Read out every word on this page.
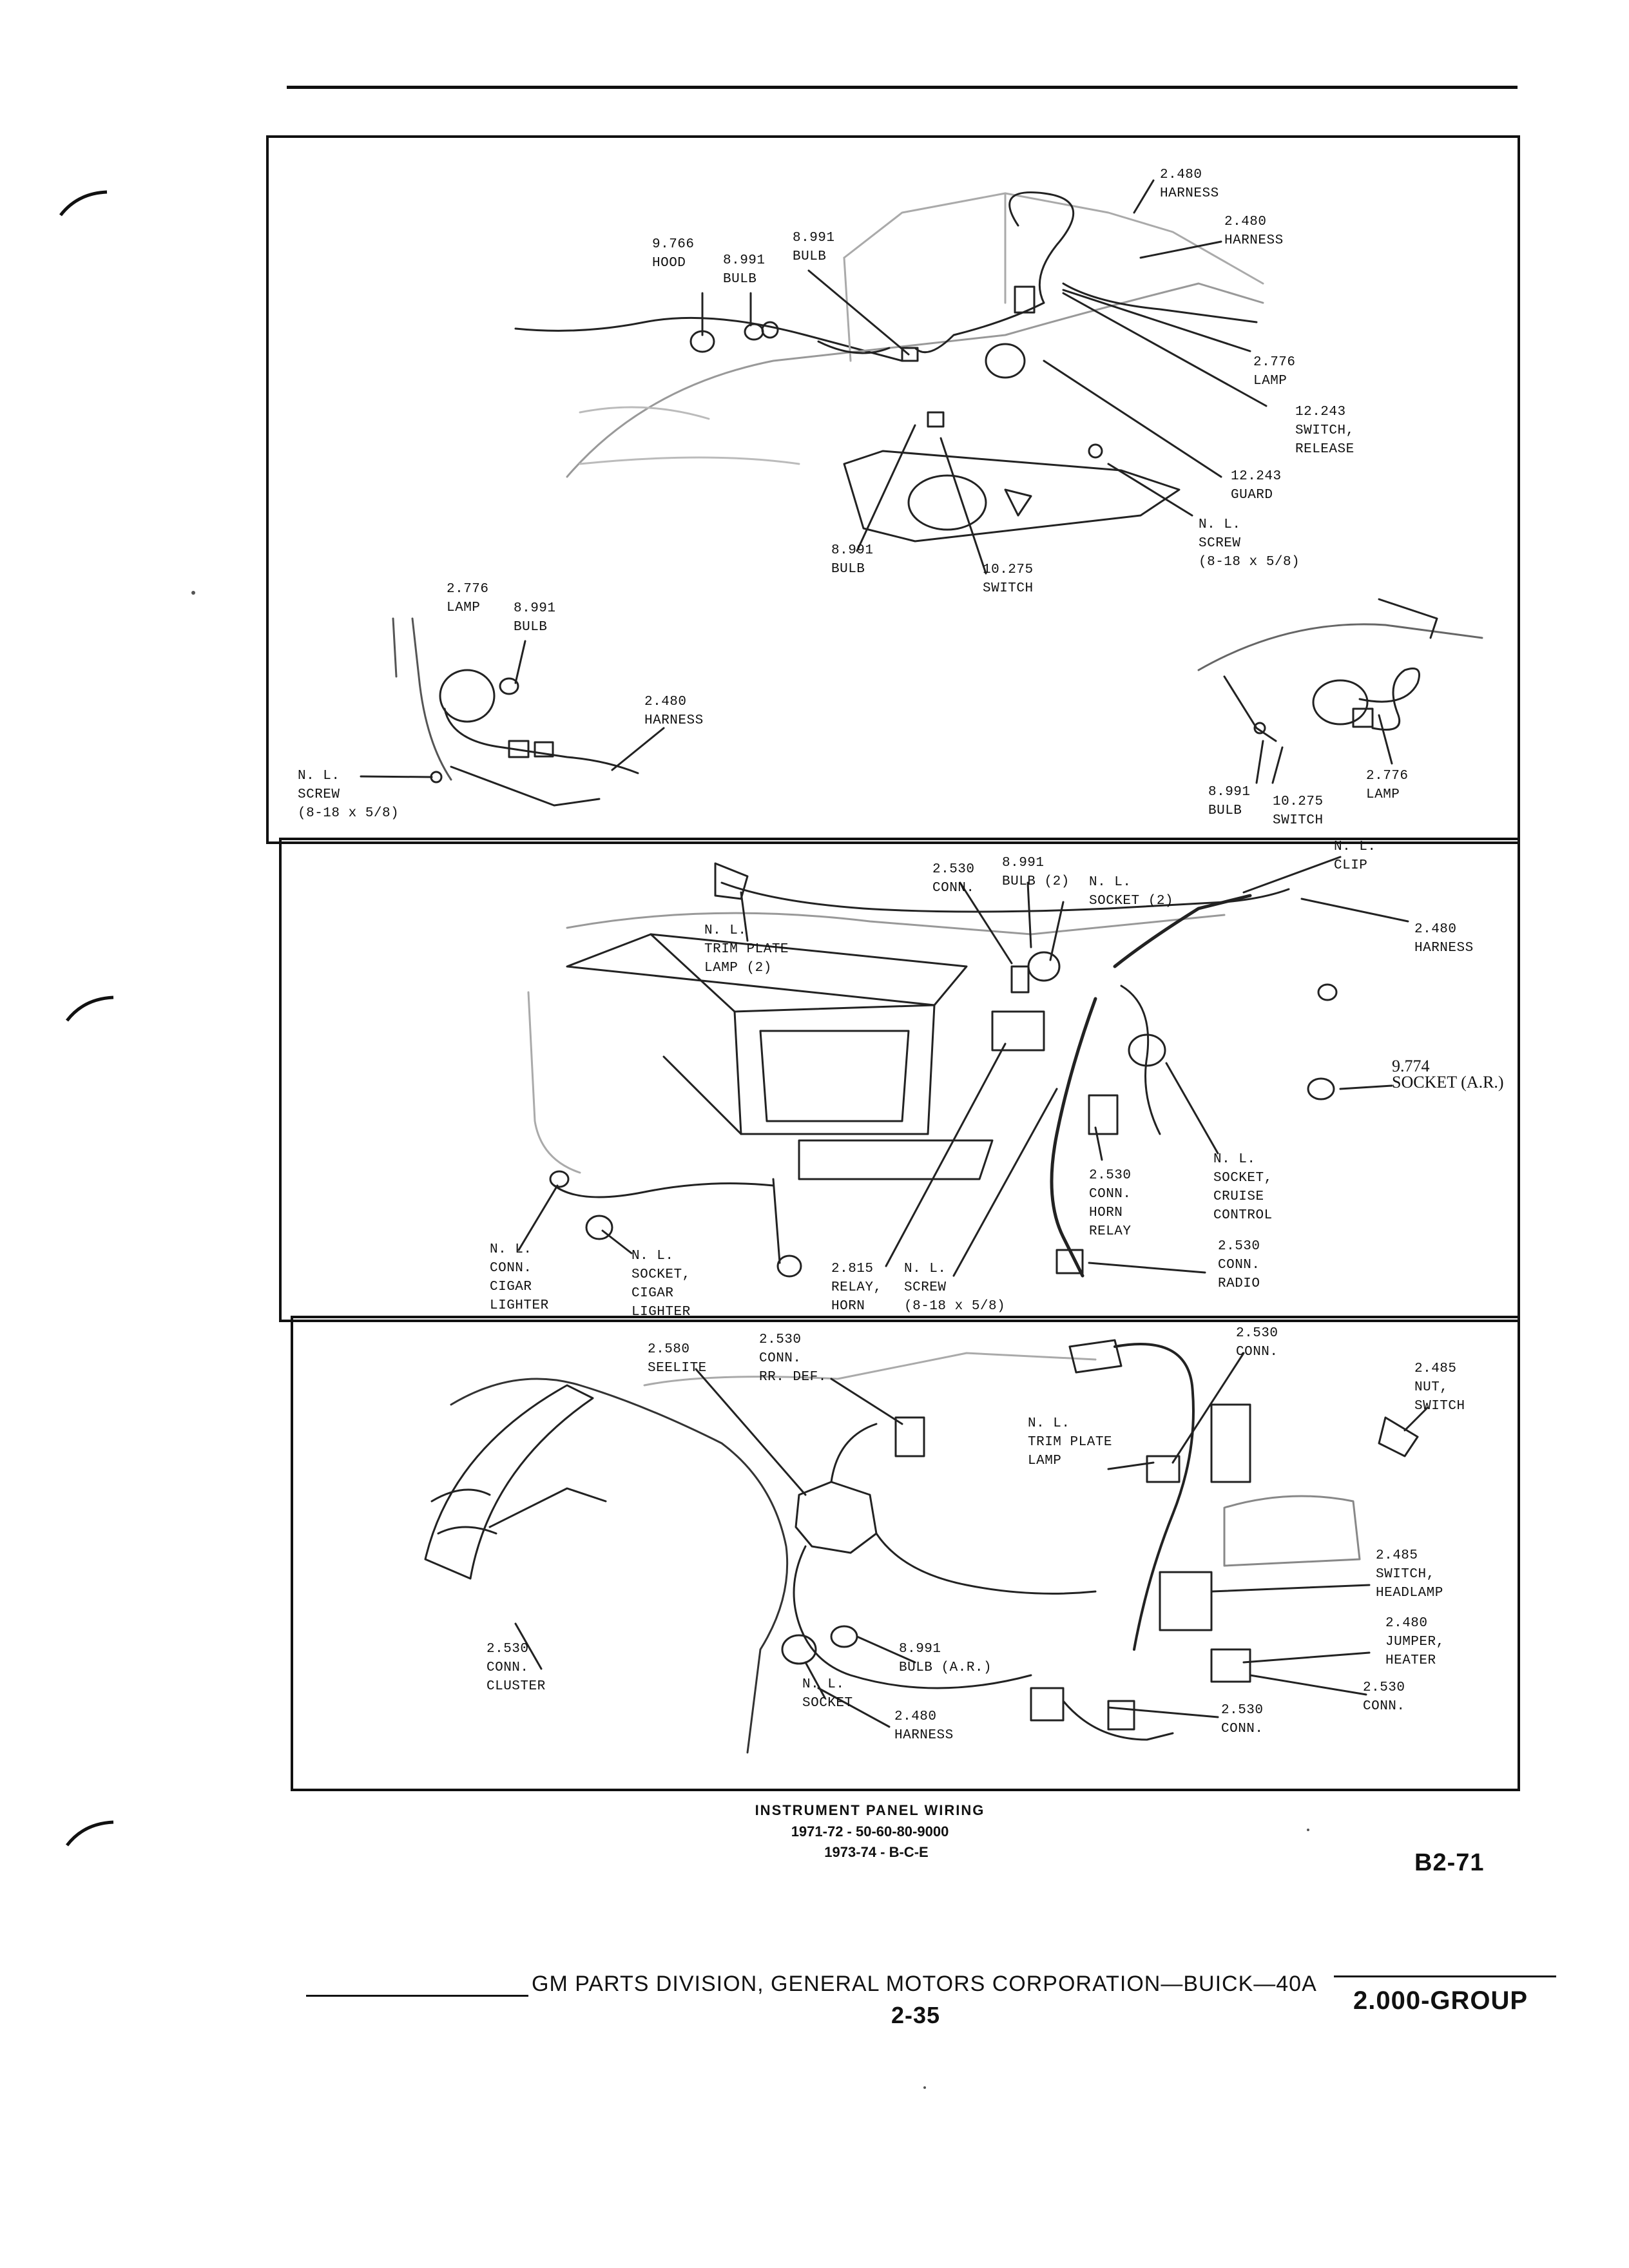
2.480
HARNESS
2.480
HARNESS
9.766
HOOD	8.991
BULB
8.991
BULB
2.776
LAMP
12.243
SWITCH,
RELEASE
12.243
GUARD
N. L.
SCREW
(8-18 x 5/8)
8.991
BULB	10.275
SWITCH
2.776
LAMP	8.991
BULB
2.480
HARNESS
N. L.
SCREW
(8-18 x 5/8)
8.991
BULB
10.275
SWITCH
2.776
LAMP
N. L.
CLIP
2.530
CONN.
8.991
BULB (2) N. L.
SOCKET (2)
N. L.
TRIM PLATE
LAMP (2)
2.480
HARNESS
9.774
SOCKET (A.R.)
N. L.
SOCKET,
CRUISE
CONTROL
2.530
CONN.
HORN
RELAY
2.530
CONN.
RADIO
N. L.
CONN.
CIGAR
LIGHTER
N. L.
SOCKET,
CIGAR
LIGHTER
2.815
RELAY,
HORN
N. L.
SCREW
(8-18 x 5/8)
2.580
SEELITE
2.530
CONN.
RR. DEF.
2.530
CONN.
2.485
NUT,
SWITCH
N. L.
TRIM PLATE
LAMP
2.485
SWITCH,
HEADLAMP
2.480
JUMPER,
HEATER
2.530
CONN.
2.530
CONN.
2.530
CONN.
CLUSTER
8.991
BULB (A.R.)
N. L.
SOCKET
2.480
HARNESS
INSTRUMENT PANEL WIRING
1971-72 - 50-60-80-9000
1973-74 - B-C-E	B2-71
GM PARTS DIVISION, GENERAL MOTORS CORPORATION—BUICK—40A
2-35
2.000-GROUP
